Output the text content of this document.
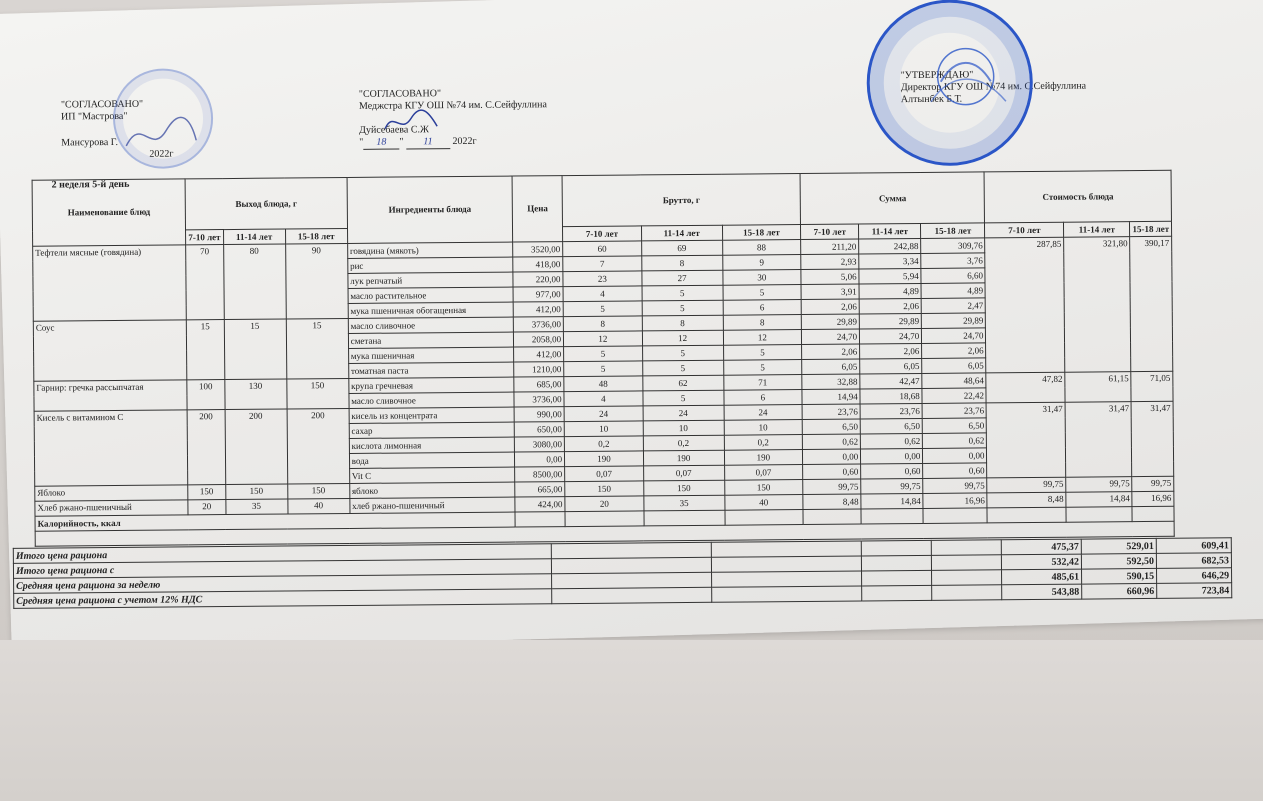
"СОГЛАСОВАНО"
ИП "Мастрова"
Мансурова Г.
2022г
"СОГЛАСОВАНО"
Меджстра КГУ ОШ №74 им. С.Сейфуллина
Дуйсебаева С.Ж
" 18 " 11 2022г
"УТВЕРЖДАЮ"
Директор КГУ ОШ №74 им. С.Сейфуллина
Алтынбек Б.Т.
2 неделя 5-й день
Наименование блюд	Выход блюда, г			Ингредиенты блюда	Цена	Брутто, г			Сумма			Стоимость блюда		

	7-10 лет	11-14 лет	15-18 лет			7-10 лет	11-14 лет	15-18 лет	7-10 лет	11-14 лет	15-18 лет	7-10 лет	11-14 лет	15-18 лет
Тефтели мясные (говядина)	70	80	90	говядина (мякоть)	3520,00	60	69	88	211,20	242,88	309,76	287,85	321,80	390,17
				рис	418,00	7	8	9	2,93	3,34	3,76			
				лук репчатый	220,00	23	27	30	5,06	5,94	6,60			
				масло растительное	977,00	4	5	5	3,91	4,89	4,89			
				мука пшеничная обогащенная	412,00	5	5	6	2,06	2,06	2,47			
Соус	15	15	15	масло сливочное	3736,00	8	8	8	29,89	29,89	29,89			
				сметана	2058,00	12	12	12	24,70	24,70	24,70			
				мука пшеничная	412,00	5	5	5	2,06	2,06	2,06			
				томатная паста	1210,00	5	5	5	6,05	6,05	6,05			
Гарнир: гречка рассыпчатая	100	130	150	крупа гречневая	685,00	48	62	71	32,88	42,47	48,64	47,82	61,15	71,05
				масло сливочное	3736,00	4	5	6	14,94	18,68	22,42			
Кисель с витамином С	200	200	200	кисель из концентрата	990,00	24	24	24	23,76	23,76	23,76	31,47	31,47	31,47
				сахар	650,00	10	10	10	6,50	6,50	6,50			
				кислота лимонная	3080,00	0,2	0,2	0,2	0,62	0,62	0,62			
				вода	0,00	190	190	190	0,00	0,00	0,00			
				Vit C	8500,00	0,07	0,07	0,07	0,60	0,60	0,60			
Яблоко	150	150	150	яблоко	665,00	150	150	150	99,75	99,75	99,75	99,75	99,75	99,75
Хлеб ржано-пшеничный	20	35	40	хлеб ржано-пшеничный	424,00	20	35	40	8,48	14,84	16,96	8,48	14,84	16,96
Калорийность, ккал														

Итого цена рациона					475,37	529,01	609,41
Итого цена рациона с					532,42	592,50	682,53
Средняя цена рациона за неделю					485,61	590,15	646,29
Средняя цена рациона с учетом 12% НДС					543,88	660,96	723,84
